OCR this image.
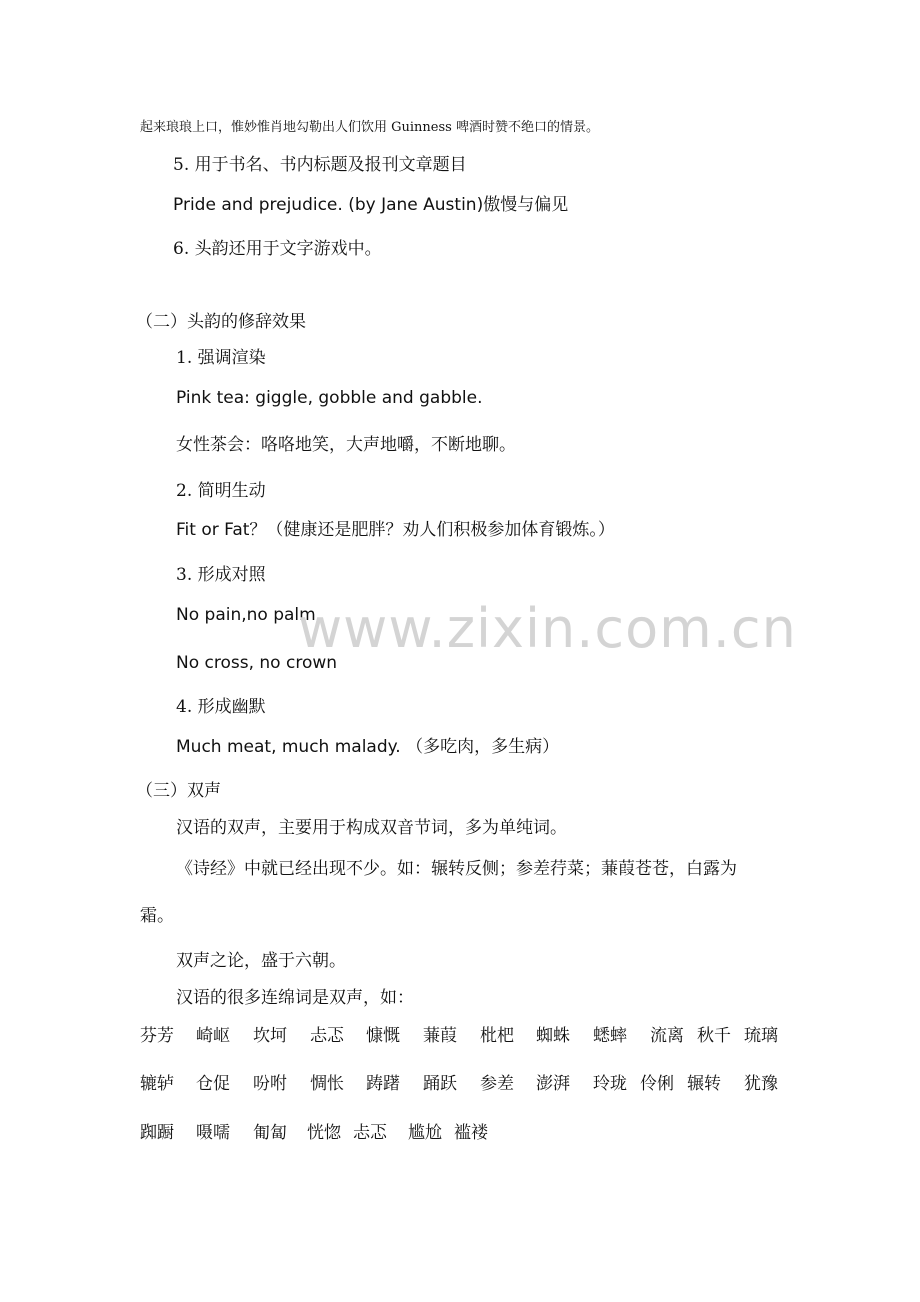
起来琅琅上口，惟妙惟肖地勾勒出人们饮用 Guinness 啤酒时赞不绝口的情景。
5. 用于书名、书内标题及报刊文章题目
Pride and prejudice. (by Jane Austin)傲慢与偏见
6. 头韵还用于文字游戏中。
（二）头韵的修辞效果
1. 强调渲染
Pink tea: giggle, gobble and gabble.
女性茶会：咯咯地笑，大声地嚼，不断地聊。
2. 简明生动
Fit or Fat？（健康还是肥胖？劝人们积极参加体育锻炼。）
3. 形成对照
No pain,no palm.
No cross, no crown
4. 形成幽默
Much meat, much malady. （多吃肉，多生病）
（三）双声
汉语的双声，主要用于构成双音节词，多为单纯词。
《诗经》中就已经出现不少。如：辗转反侧；参差荇菜；蒹葭苍苍，白露为
霜。
双声之论，盛于六朝。
汉语的很多连绵词是双声，如：
芬芳 崎岖 坎坷 忐忑 慷慨 蒹葭 枇杷 蜘蛛 蟋蟀 流离 秋千 琉璃
辘轳 仓促 吩咐 惆怅 踌躇 踊跃 参差 澎湃 玲珑 伶俐 辗转 犹豫
踟蹰 嗫嚅 匍匐 恍惚 忐忑 尴尬 褴褛
www.zixin.com.cn
